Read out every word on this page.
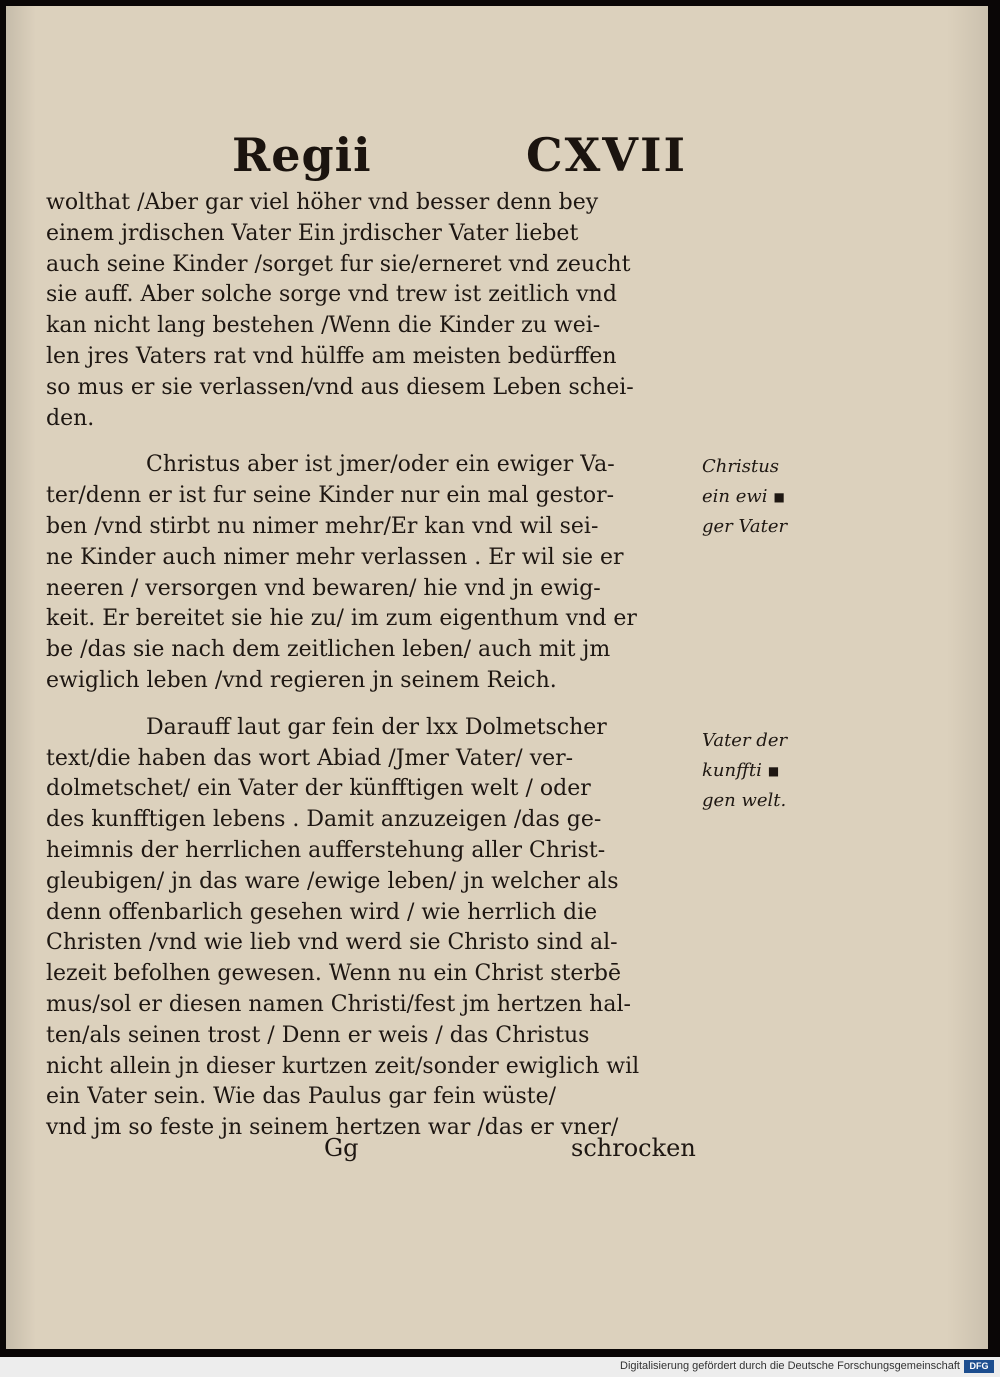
Regii	CXVII
wolthat /Aber gar viel höher vnd besser denn bey
einem jrdischen Vater Ein jrdischer Vater liebet
auch seine Kinder /sorget fur sie/erneret vnd zeucht
sie auff. Aber solche sorge vnd trew ist zeitlich vnd
kan nicht lang bestehen /Wenn die Kinder zu wei-
len jres Vaters rat vnd hülffe am meisten bedürffen
so mus er sie verlassen/vnd aus diesem Leben schei-
den.
Christus aber ist jmer/oder ein ewiger Va-
ter/denn er ist fur seine Kinder nur ein mal gestor-
ben /vnd stirbt nu nimer mehr/Er kan vnd wil sei-
ne Kinder auch nimer mehr verlassen . Er wil sie er
neeren / versorgen vnd bewaren/ hie vnd jn ewig-
keit. Er bereitet sie hie zu/ im zum eigenthum vnd er
be /das sie nach dem zeitlichen leben/ auch mit jm
ewiglich leben /vnd regieren jn seinem Reich.
Darauff laut gar fein der lxx Dolmetscher
text/die haben das wort Abiad /Jmer Vater/ ver-
dolmetschet/ ein Vater der künfftigen welt / oder
des kunfftigen lebens . Damit anzuzeigen /das ge-
heimnis der herrlichen aufferstehung aller Christ-
gleubigen/ jn das ware /ewige leben/ jn welcher als
denn offenbarlich gesehen wird / wie herrlich die
Christen /vnd wie lieb vnd werd sie Christo sind al-
lezeit befolhen gewesen. Wenn nu ein Christ sterbē
mus/sol er diesen namen Christi/fest jm hertzen hal-
ten/als seinen trost / Denn er weis / das Christus
nicht allein jn dieser kurtzen zeit/sonder ewiglich wil
ein Vater sein. Wie das Paulus gar fein wüste/
vnd jm so feste jn seinem hertzen war /das er vner/
Christus
ein ewi ■
ger Vater
Vater der
kunffti ■
gen welt.
Gg	schrocken
Digitalisierung gefördert durch die Deutsche Forschungsgemeinschaft	DFG
